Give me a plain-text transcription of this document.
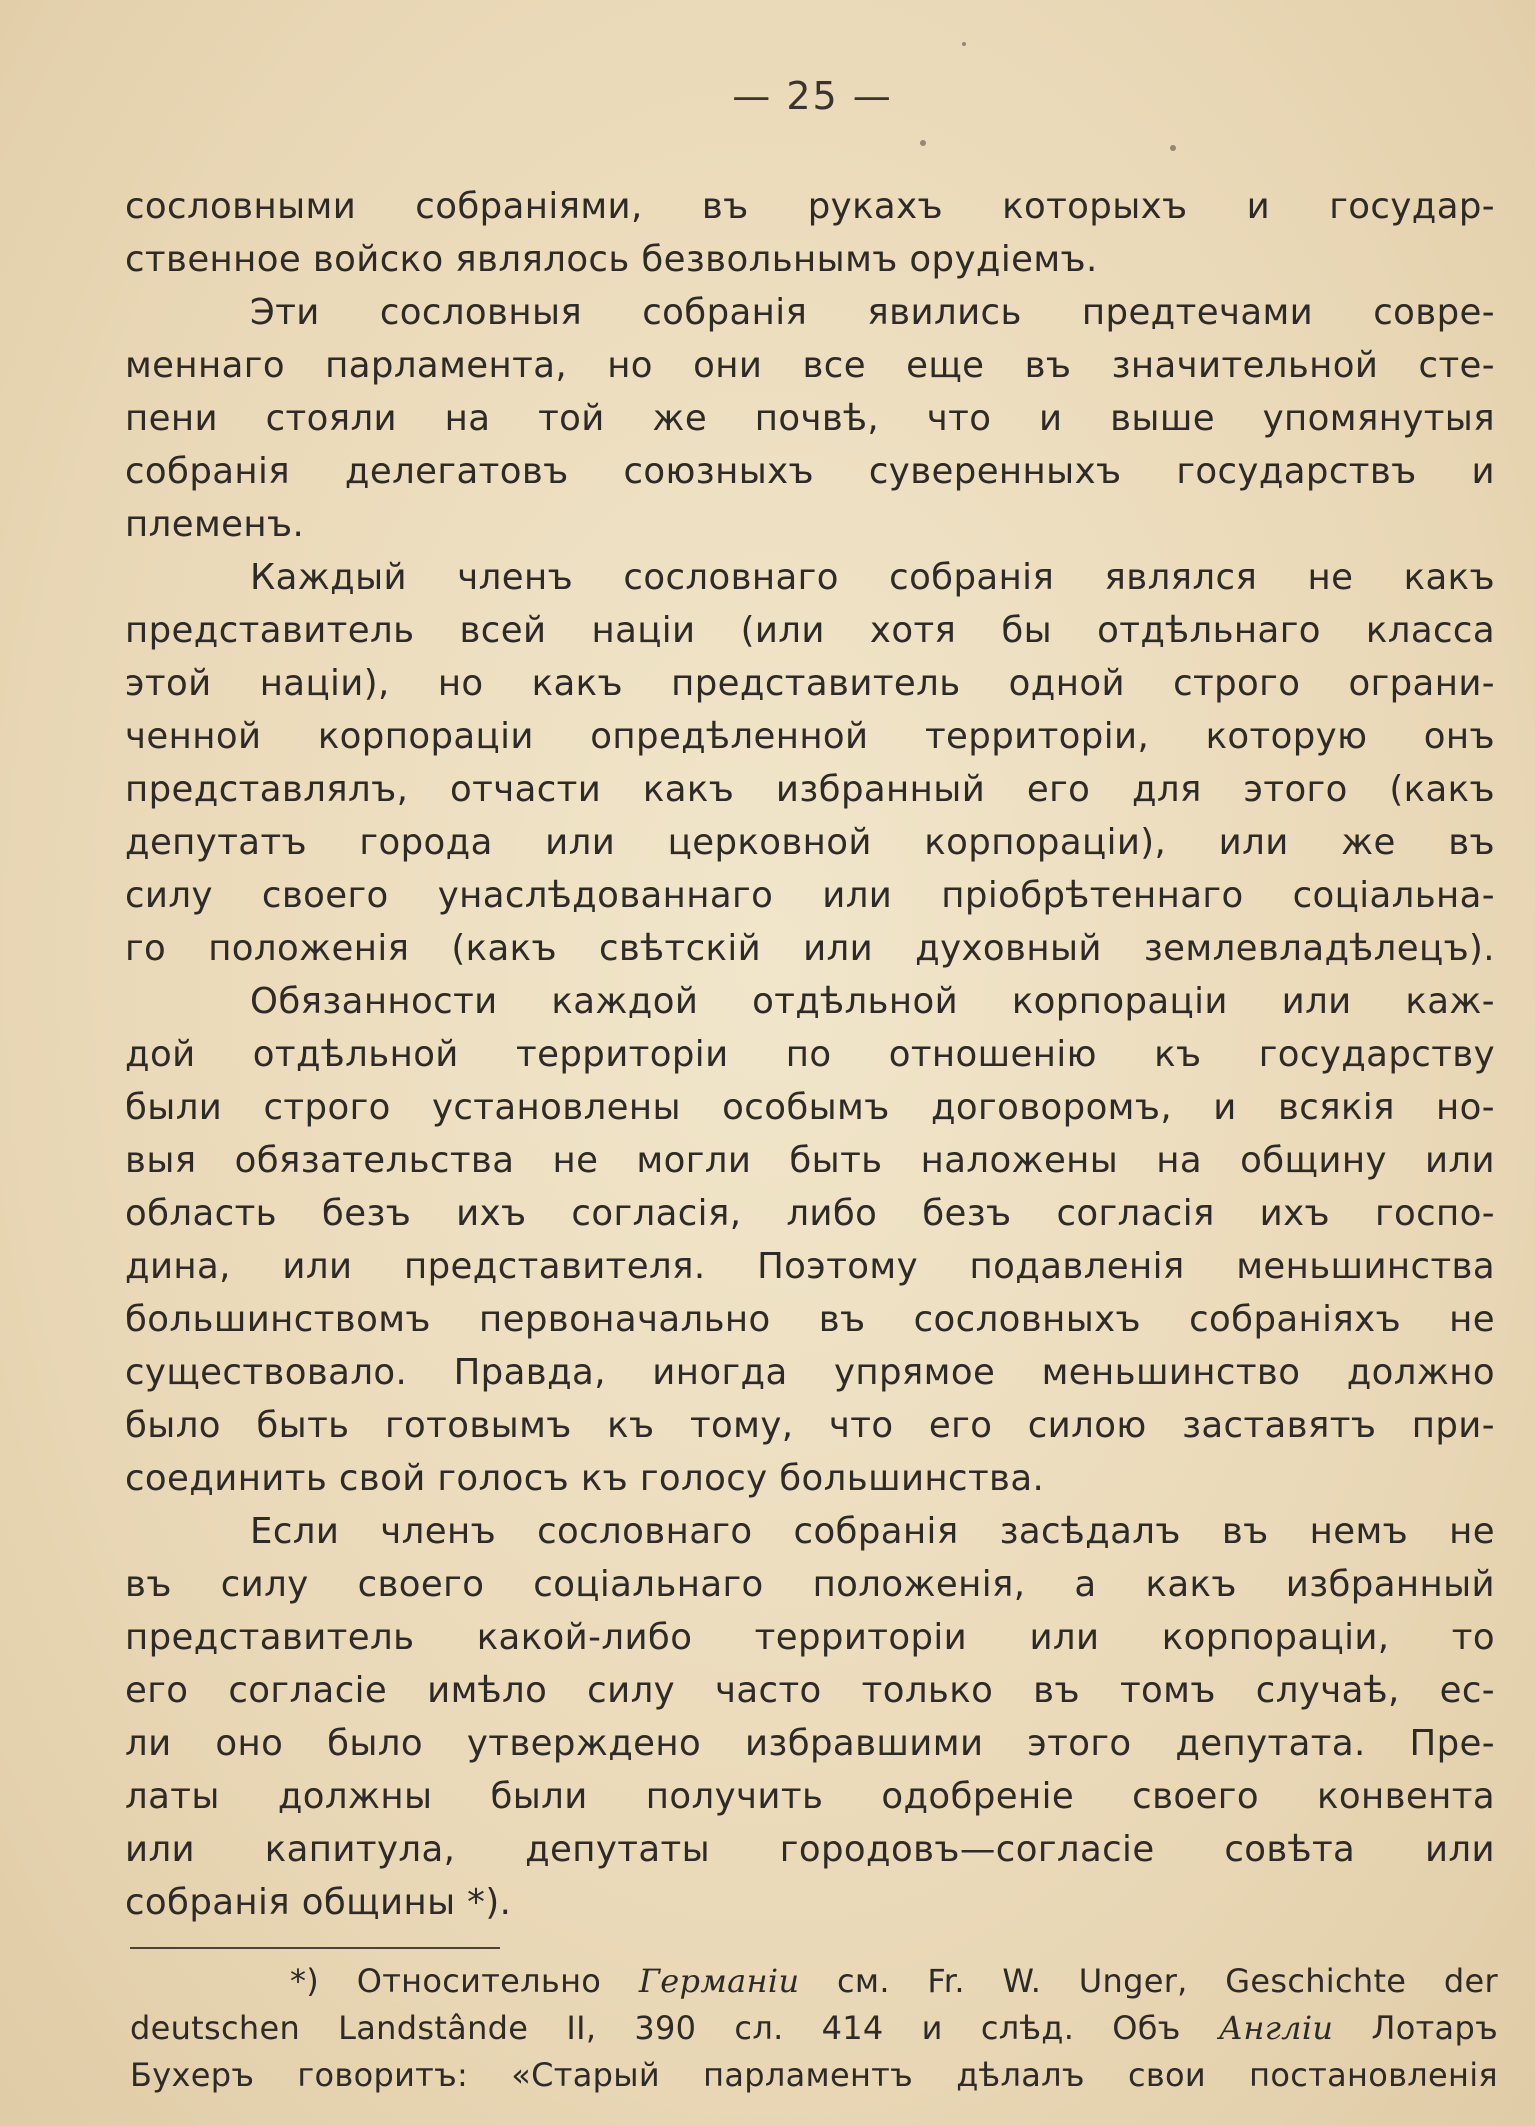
— 25 —
сословными собраніями, въ рукахъ которыхъ и государ-
ственное войско являлось безвольнымъ орудіемъ.
Эти сословныя собранія явились предтечами совре-
меннаго парламента, но они все еще въ значительной сте-
пени стояли на той же почвѣ, что и выше упомянутыя
собранія делегатовъ союзныхъ суверенныхъ государствъ и
племенъ.
Каждый членъ сословнаго собранія являлся не какъ
представитель всей націи (или хотя бы отдѣльнаго класса
этой націи), но какъ представитель одной строго ограни-
ченной корпораціи опредѣленной территоріи, которую онъ
представлялъ, отчасти какъ избранный его для этого (какъ
депутатъ города или церковной корпораціи), или же въ
силу своего унаслѣдованнаго или пріобрѣтеннаго соціальна-
го положенія (какъ свѣтскій или духовный землевладѣлецъ).
Обязанности каждой отдѣльной корпораціи или каж-
дой отдѣльной территоріи по отношенію къ государству
были строго установлены особымъ договоромъ, и всякія но-
выя обязательства не могли быть наложены на общину или
область безъ ихъ согласія, либо безъ согласія ихъ госпо-
дина, или представителя. Поэтому подавленія меньшинства
большинствомъ первоначально въ сословныхъ собраніяхъ не
существовало. Правда, иногда упрямое меньшинство должно
было быть готовымъ къ тому, что его силою заставятъ при-
соединить свой голосъ къ голосу большинства.
Если членъ сословнаго собранія засѣдалъ въ немъ не
въ силу своего соціальнаго положенія, а какъ избранный
представитель какой-либо территоріи или корпораціи, то
его согласіе имѣло силу часто только въ томъ случаѣ, ес-
ли оно было утверждено избравшими этого депутата. Пре-
латы должны были получить одобреніе своего конвента
или капитула, депутаты городовъ—согласіе совѣта или
собранія общины *).
*) Относительно Германіи см. Fr. W. Unger, Geschichte der
deutschen Landstânde II, 390 сл. 414 и слѣд. Объ Англіи Лотаръ
Бухеръ говоритъ: «Старый парламентъ дѣлалъ свои постановленія
